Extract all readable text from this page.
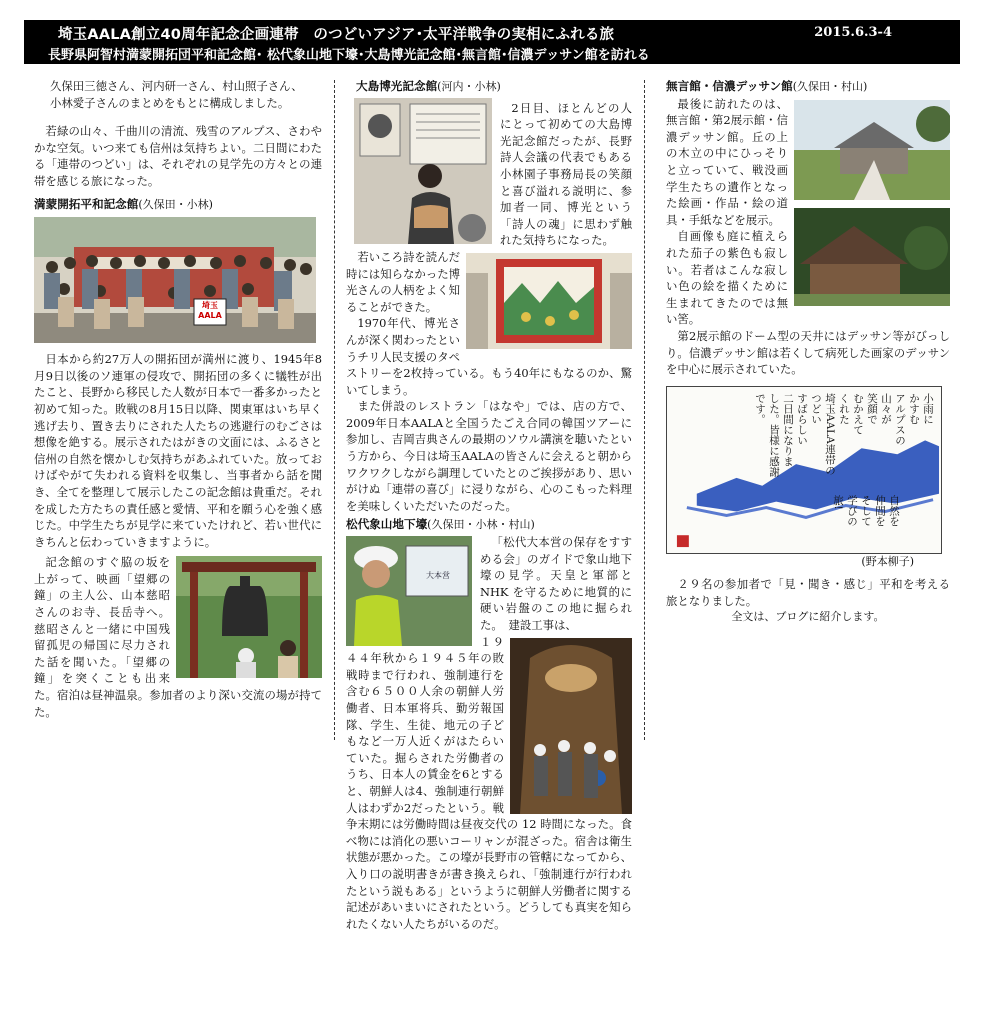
埼玉AALA創立40周年記念企画連帯　のつどいアジア･太平洋戦争の実相にふれる旅
長野県阿智村満蒙開拓団平和記念館･ 松代象山地下壕･大島博光記念館･無言館･信濃デッサン館を訪れる
2015.6.3-4

久保田三徳さん、河内研一さん、村山照子さん、小林愛子さんのまとめをもとに構成しました。

若緑の山々、千曲川の清流、残雪のアルプス、さわやかな空気。いつ来ても信州は気持ちよい。二日間にわたる「連帯のつどい」は、それぞれの見学先の方々との連帯を感じる旅になった。

満蒙開拓平和記念館(久保田・小林)
埼玉 AALA

日本から約27万人の開拓団が満州に渡り、1945年8月9日以後のソ連軍の侵攻で、開拓団の多くに犠牲が出たこと、長野から移民した人数が日本で一番多かったと初めて知った。敗戦の8月15日以降、関東軍はいち早く逃げ去り、置き去りにされた人たちの逃避行のむごさは想像を絶する。展示されたはがきの文面には、ふるさと信州の自然を懐かしむ気持ちがあふれていた。放っておけばやがて失われる資料を収集し、当事者から話を聞き、全てを整理して展示したこの記念館は貴重だ。それを成した方たちの責任感と愛情、平和を願う心を強く感じた。中学生たちが見学に来ていたけれど、若い世代にきちんと伝わっていきますように。

記念館のすぐ脇の坂を上がって、映画「望郷の鐘」の主人公、山本慈昭さんのお寺、長岳寺へ。慈昭さんと一緒に中国残留孤児の帰国に尽力された話を聞いた。「望郷の鐘」を突くことも出来た。宿泊は昼神温泉。参加者のより深い交流の場が持てた。

大島博光記念館(河内・小林)

2日目、ほとんどの人にとって初めての大島博光記念館だったが、長野詩人会議の代表でもある小林園子事務局長の笑顔と喜び溢れる説明に、参加者一同、博光という「詩人の魂」に思わず触れた気持ちになった。

若いころ詩を読んだ時には知らなかった博光さんの人柄をよく知ることができた。

1970年代、博光さんが深く関わったというチリ人民支援のタペストリーを2枚持っている。もう40年にもなるのか、驚いてしまう。

また併設のレストラン「はなや」では、店の方で、2009年日本AALAと全国うたごえ合同の韓国ツアーに参加し、吉岡吉典さんの最期のソウル講演を聴いたという方から、今日は埼玉AALAの皆さんに会えると朝からワクワクしながら調理していたとのご挨拶があり、思いがけぬ「連帯の喜び」に浸りながら、心のこもった料理を美味しくいただいたのだった。

松代象山地下壕(久保田・小林・村山)
大本営

「松代大本営の保存をすすめる会」のガイドで象山地下壕の見学。天皇と軍部と NHK を守るために地質的に硬い岩盤のこの地に掘られた。　建設工事は、

１９４４年秋から１９４５年の敗戦時まで行われ、強制連行を含む６５００人余の朝鮮人労働者、日本軍将兵、勤労報国隊、学生、生徒、地元の子どもなど一万人近くがはたらいていた。掘らされた労働者のうち、日本人の賃金を6とすると、朝鮮人は4、強制連行朝鮮人はわずか2だったという。戦争末期には労働時間は昼夜交代の 12 時間になった。食べ物には消化の悪いコーリャンが混ざった。宿舎は衛生状態が悪かった。この壕が長野市の管轄になってから、入り口の説明書きが書き換えられ、「強制連行が行われたという説もある」というように朝鮮人労働者に関する記述があいまいにされたという。どうしても真実を知られたくない人たちがいるのだ。

無言館・信濃デッサン館(久保田・村山)

最後に訪れたのは、無言館・第2展示館・信濃デッサン館。丘の上の木立の中にひっそりと立っていて、戦没画学生たちの遺作となった絵画・作品・絵の道具・手紙などを展示。

自画像も庭に植えられた茄子の紫色も寂しい。若者はこんな寂しい色の絵を描くために生まれてきたのでは無い筈。

第2展示館のドーム型の天井にはデッサン等がびっしり。信濃デッサン館は若くして病死した画家のデッサンを中心に展示されていた。

小雨に
かすむ
アルプスの
山々が
笑顔で
むかえて
くれた
埼玉AALA連帯の
つどい
すばらしい
二日間になりま
した。皆様に感謝
です。
自然を
仲間を
そして
学びの
旅!
(野本柳子)

２９名の参加者で「見・聞き・感じ」平和を考える旅となりました。

全文は、ブログに紹介します。
